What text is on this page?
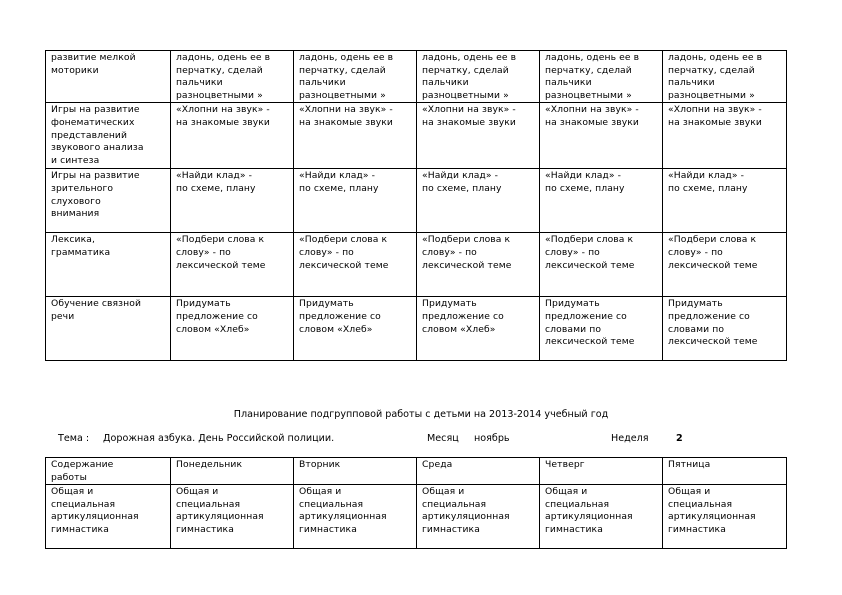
развитие мелкой
моторики	ладонь, одень ее в
перчатку, сделай
пальчики
разноцветными »	ладонь, одень ее в
перчатку, сделай
пальчики
разноцветными »	ладонь, одень ее в
перчатку, сделай
пальчики
разноцветными »	ладонь, одень ее в
перчатку, сделай
пальчики
разноцветными »	ладонь, одень ее в
перчатку, сделай
пальчики
разноцветными »

Игры на развитие
фонематических
представлений
звукового анализа
и синтеза	«Хлопни на звук» -
на знакомые звуки	«Хлопни на звук» -
на знакомые звуки	«Хлопни на звук» -
на знакомые звуки	«Хлопни на звук» -
на знакомые звуки	«Хлопни на звук» -
на знакомые звуки

Игры на развитие
зрительного
слухового
внимания	«Найди клад» -
по схеме, плану	«Найди клад» -
по схеме, плану	«Найди клад» -
по схеме, плану	«Найди клад» -
по схеме, плану	«Найди клад» -
по схеме, плану

Лексика,
грамматика	«Подбери слова к
слову» - по
лексической теме	«Подбери слова к
слову» - по
лексической теме	«Подбери слова к
слову» - по
лексической теме	«Подбери слова к
слову» - по
лексической теме	«Подбери слова к
слову» - по
лексической теме

Обучение связной
речи	Придумать
предложение со
словом «Хлеб»	Придумать
предложение со
словом «Хлеб»	Придумать
предложение со
словом «Хлеб»	Придумать
предложение со
словами по
лексической теме	Придумать
предложение со
словами по
лексической теме
Планирование подгрупповой работы с детьми на 2013-2014 учебный год
Тема : Дорожная азбука. День Российской полиции.	Месяц ноябрь	Неделя	2
Содержание
работы	Понедельник	Вторник	Среда	Четверг	Пятница

Общая и
специальная
артикуляционная
гимнастика	Общая и
специальная
артикуляционная
гимнастика	Общая и
специальная
артикуляционная
гимнастика	Общая и
специальная
артикуляционная
гимнастика	Общая и
специальная
артикуляционная
гимнастика	Общая и
специальная
артикуляционная
гимнастика
